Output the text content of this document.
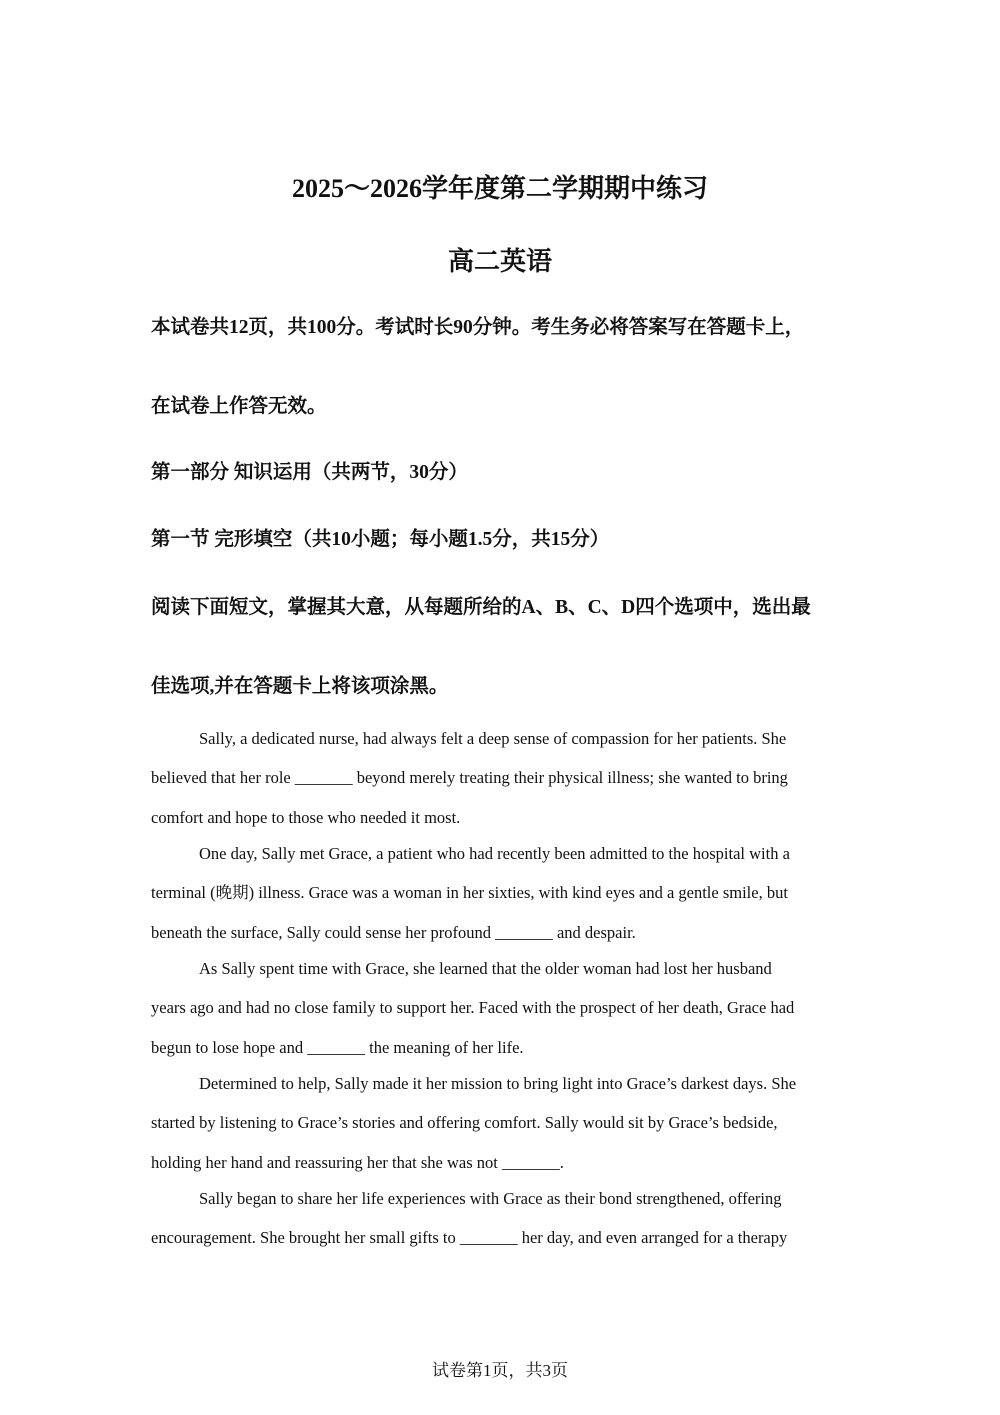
2025～2026学年度第二学期期中练习
高二英语
本试卷共12页，共100分。考试时长90分钟。考生务必将答案写在答题卡上，
在试卷上作答无效。
第一部分 知识运用（共两节，30分）
第一节 完形填空（共10小题；每小题1.5分，共15分）
阅读下面短文，掌握其大意，从每题所给的A、B、C、D四个选项中，选出最
佳选项,并在答题卡上将该项涂黑。
Sally, a dedicated nurse, had always felt a deep sense of compassion for her patients. She
believed that her role _______ beyond merely treating their physical illness; she wanted to bring
comfort and hope to those who needed it most.
One day, Sally met Grace, a patient who had recently been admitted to the hospital with a
terminal (晚期) illness. Grace was a woman in her sixties, with kind eyes and a gentle smile, but
beneath the surface, Sally could sense her profound _______ and despair.
As Sally spent time with Grace, she learned that the older woman had lost her husband
years ago and had no close family to support her. Faced with the prospect of her death, Grace had
begun to lose hope and _______ the meaning of her life.
Determined to help, Sally made it her mission to bring light into Grace’s darkest days. She
started by listening to Grace’s stories and offering comfort. Sally would sit by Grace’s bedside,
holding her hand and reassuring her that she was not _______.
Sally began to share her life experiences with Grace as their bond strengthened, offering
encouragement. She brought her small gifts to _______ her day, and even arranged for a therapy
试卷第1页，共3页
